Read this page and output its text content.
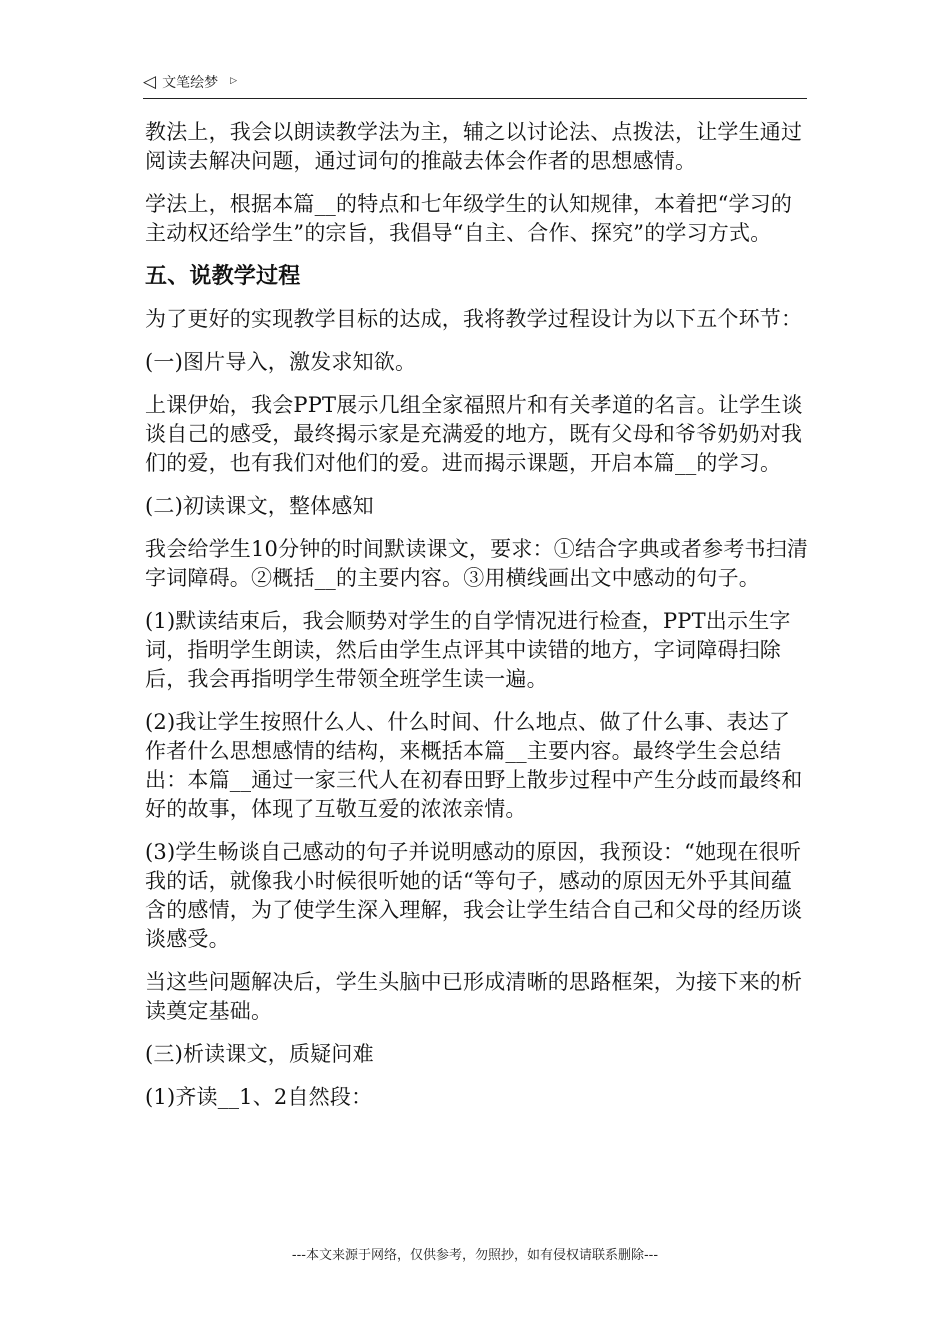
◁ 文笔绘梦 ▷

教法上，我会以朗读教学法为主，辅之以讨论法、点拨法，让学生通过阅读去解决问题，通过词句的推敲去体会作者的思想感情。

学法上，根据本篇__的特点和七年级学生的认知规律，本着把“学习的主动权还给学生”的宗旨，我倡导“自主、合作、探究”的学习方式。

五、说教学过程

为了更好的实现教学目标的达成，我将教学过程设计为以下五个环节：

(一)图片导入，激发求知欲。

上课伊始，我会PPT展示几组全家福照片和有关孝道的名言。让学生谈谈自己的感受，最终揭示家是充满爱的地方，既有父母和爷爷奶奶对我们的爱，也有我们对他们的爱。进而揭示课题，开启本篇__的学习。

(二)初读课文，整体感知

我会给学生10分钟的时间默读课文，要求：①结合字典或者参考书扫清字词障碍。②概括__的主要内容。③用横线画出文中感动的句子。

(1)默读结束后，我会顺势对学生的自学情况进行检查，PPT出示生字词，指明学生朗读，然后由学生点评其中读错的地方，字词障碍扫除后，我会再指明学生带领全班学生读一遍。

(2)我让学生按照什么人、什么时间、什么地点、做了什么事、表达了作者什么思想感情的结构，来概括本篇__主要内容。最终学生会总结出：本篇__通过一家三代人在初春田野上散步过程中产生分歧而最终和好的故事，体现了互敬互爱的浓浓亲情。

(3)学生畅谈自己感动的句子并说明感动的原因，我预设：“她现在很听我的话，就像我小时候很听她的话“等句子，感动的原因无外乎其间蕴含的感情，为了使学生深入理解，我会让学生结合自己和父母的经历谈谈感受。

当这些问题解决后，学生头脑中已形成清晰的思路框架，为接下来的析读奠定基础。

(三)析读课文，质疑问难

(1)齐读__1、2自然段：

---本文来源于网络，仅供参考，勿照抄，如有侵权请联系删除---
